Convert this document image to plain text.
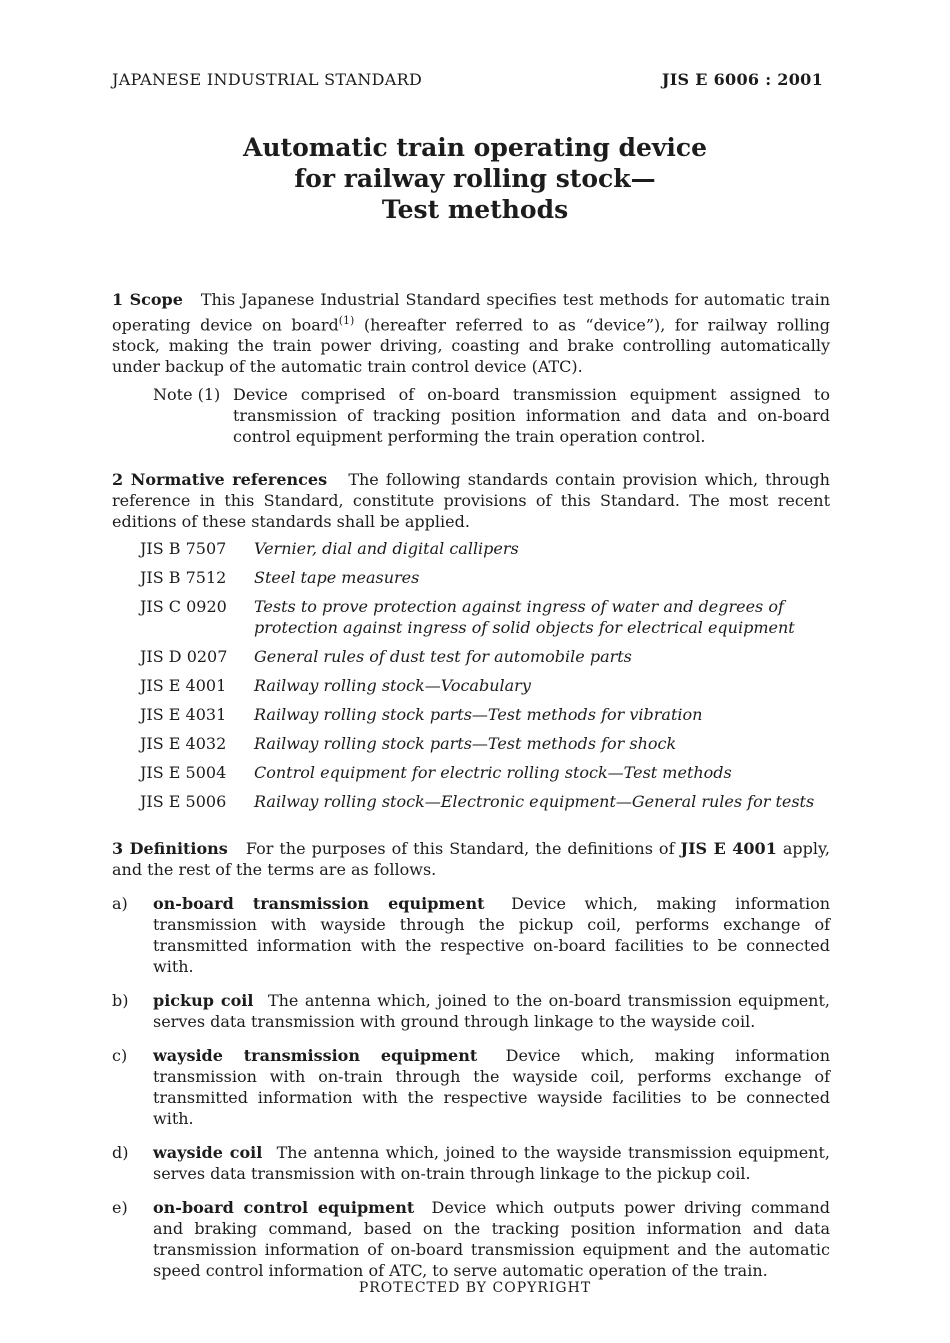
JAPANESE INDUSTRIAL STANDARD	JIS E 6006 : 2001
Automatic train operating device
for railway rolling stock—
Test methods
1 Scope This Japanese Industrial Standard specifies test methods for automatic train operating device on board$^{(1)}$ (hereafter referred to as “device”), for railway rolling stock, making the train power driving, coasting and brake controlling automatically under backup of the automatic train control device (ATC).
Note (1) Device comprised of on-board transmission equipment assigned to transmission of tracking position information and data and on-board control equipment performing the train operation control.
2 Normative references The following standards contain provision which, through reference in this Standard, constitute provisions of this Standard. The most recent editions of these standards shall be applied.
JIS B 7507	Vernier, dial and digital callipers
JIS B 7512	Steel tape measures
JIS C 0920	Tests to prove protection against ingress of water and degrees of protection against ingress of solid objects for electrical equipment
JIS D 0207	General rules of dust test for automobile parts
JIS E 4001	Railway rolling stock—Vocabulary
JIS E 4031	Railway rolling stock parts—Test methods for vibration
JIS E 4032	Railway rolling stock parts—Test methods for shock
JIS E 5004	Control equipment for electric rolling stock—Test methods
JIS E 5006	Railway rolling stock—Electronic equipment—General rules for tests
3 Definitions For the purposes of this Standard, the definitions of JIS E 4001 apply, and the rest of the terms are as follows.
a)	on-board transmission equipment Device which, making information transmission with wayside through the pickup coil, performs exchange of transmitted information with the respective on-board facilities to be connected with.
b)	pickup coil The antenna which, joined to the on-board transmission equipment, serves data transmission with ground through linkage to the wayside coil.
c)	wayside transmission equipment Device which, making information transmission with on-train through the wayside coil, performs exchange of transmitted information with the respective wayside facilities to be connected with.
d)	wayside coil The antenna which, joined to the wayside transmission equipment, serves data transmission with on-train through linkage to the pickup coil.
e)	on-board control equipment Device which outputs power driving command and braking command, based on the tracking position information and data transmission information of on-board transmission equipment and the automatic speed control information of ATC, to serve automatic operation of the train.
PROTECTED BY COPYRIGHT
